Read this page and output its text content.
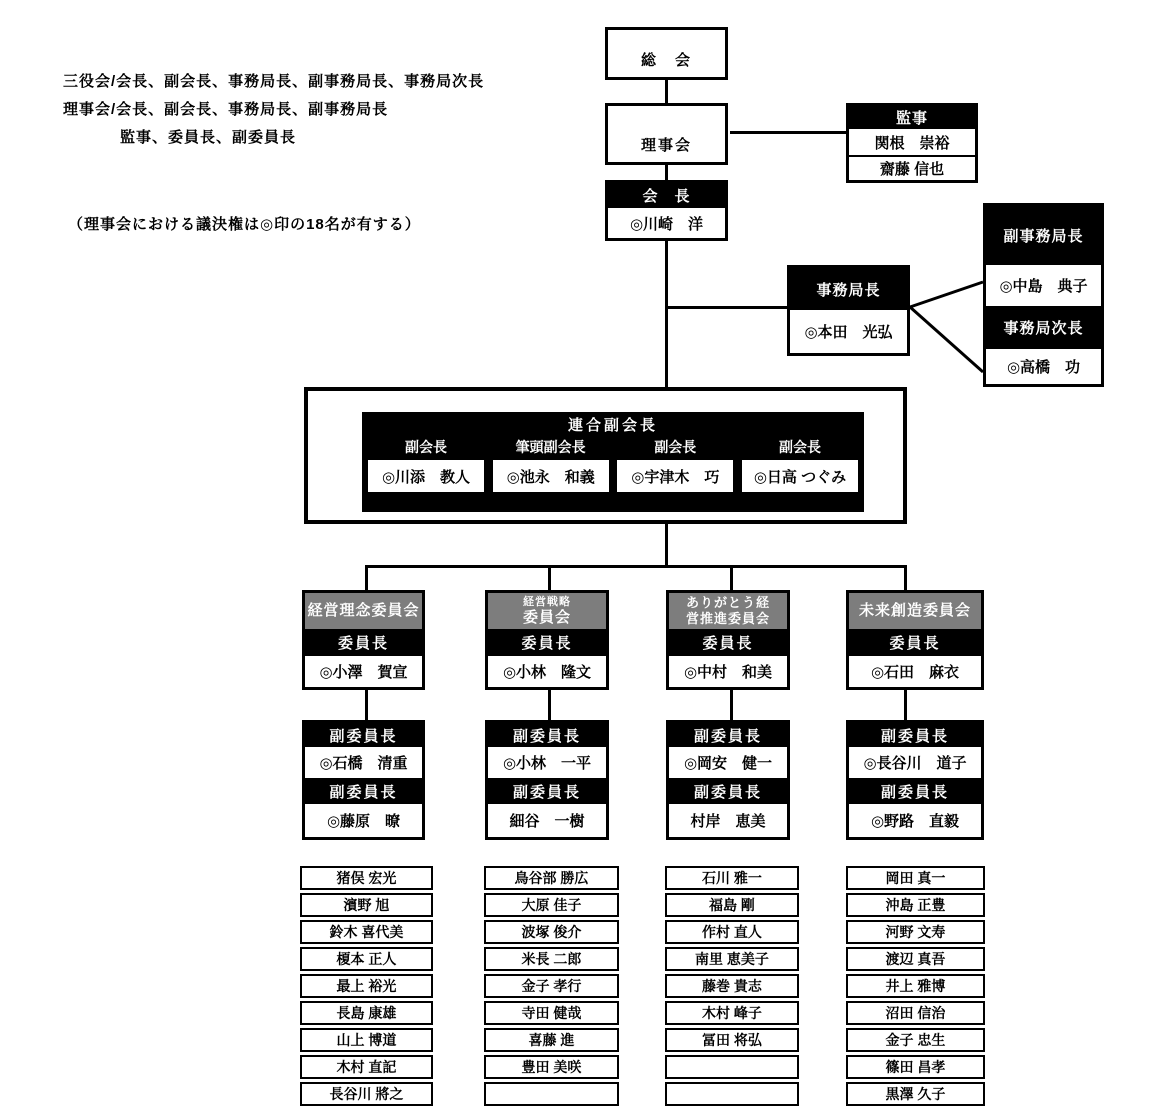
三役会/会長、副会長、事務局長、副事務局長、事務局次長
理事会/会長、副会長、事務局長、副事務局長
監事、委員長、副委員長
（理事会における議決権は◎印の18名が有する）
総　会
理事会
監事
関根　崇裕
齋藤 信也
会　長
◎川崎　洋
事務局長
◎本田　光弘
副事務局長
◎中島　典子
事務局次長
◎高橋　功
連合副会長
副会長	筆頭副会長	副会長	副会長
◎川添　教人	◎池永　和義	◎宇津木　巧	◎日高 つぐみ
経営理念委員会
委員長
◎小澤　賀宣
副委員長
◎石橋　清重
副委員長
◎藤原　暸
猪俣 宏光
濱野 旭
鈴木 喜代美
榎本 正人
最上 裕光
長島 康雄
山上 博道
木村 直記
長谷川 將之
経営戦略
委員会
委員長
◎小林　隆文
副委員長
◎小林　一平
副委員長
細谷　一樹
鳥谷部 勝広
大原 佳子
波塚 俊介
米長 二郎
金子 孝行
寺田 健哉
喜藤 進
豊田 美咲
ありがとう経
営推進委員会
委員長
◎中村　和美
副委員長
◎岡安　健一
副委員長
村岸　恵美
石川 雅一
福島 剛
作村 直人
南里 恵美子
藤巻 貴志
木村 峰子
冨田 将弘
未来創造委員会
委員長
◎石田　麻衣
副委員長
◎長谷川　道子
副委員長
◎野路　直毅
岡田 真一
沖島 正豊
河野 文寿
渡辺 真吾
井上 雅博
沼田 信治
金子 忠生
篠田 昌孝
黒澤 久子
